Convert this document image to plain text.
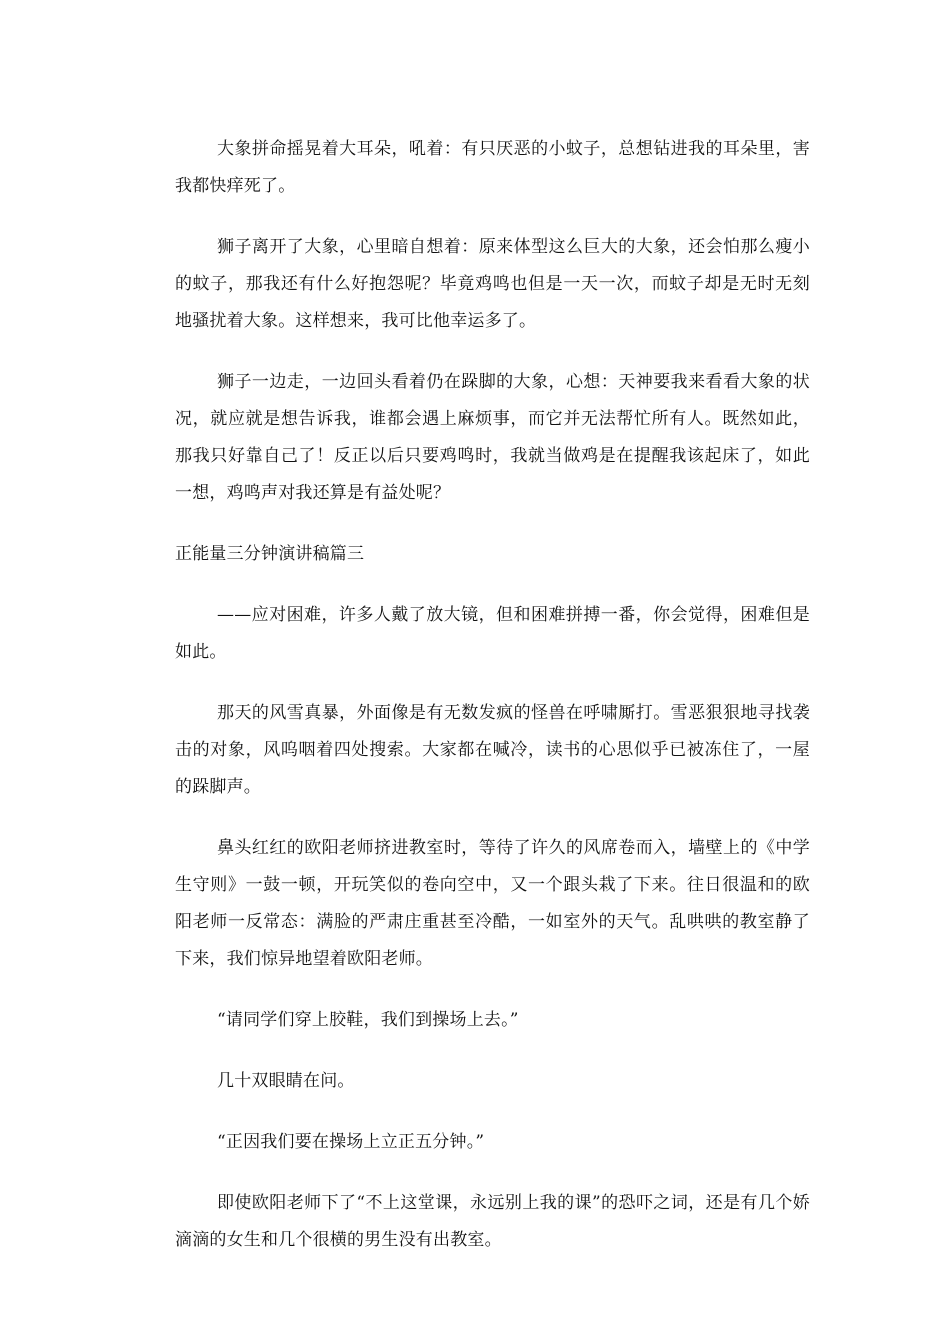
大象拼命摇晃着大耳朵，吼着：有只厌恶的小蚊子，总想钻进我的耳朵里，害我都快痒死了。

狮子离开了大象，心里暗自想着：原来体型这么巨大的大象，还会怕那么瘦小的蚊子，那我还有什么好抱怨呢？毕竟鸡鸣也但是一天一次，而蚊子却是无时无刻地骚扰着大象。这样想来，我可比他幸运多了。

狮子一边走，一边回头看着仍在跺脚的大象，心想：天神要我来看看大象的状况，就应就是想告诉我，谁都会遇上麻烦事，而它并无法帮忙所有人。既然如此，那我只好靠自己了！反正以后只要鸡鸣时，我就当做鸡是在提醒我该起床了，如此一想，鸡鸣声对我还算是有益处呢？

正能量三分钟演讲稿篇三

——应对困难，许多人戴了放大镜，但和困难拼搏一番，你会觉得，困难但是如此。

那天的风雪真暴，外面像是有无数发疯的怪兽在呼啸厮打。雪恶狠狠地寻找袭击的对象，风呜咽着四处搜索。大家都在喊冷，读书的心思似乎已被冻住了，一屋的跺脚声。

鼻头红红的欧阳老师挤进教室时，等待了许久的风席卷而入，墙壁上的《中学生守则》一鼓一顿，开玩笑似的卷向空中，又一个跟头栽了下来。往日很温和的欧阳老师一反常态：满脸的严肃庄重甚至冷酷，一如室外的天气。乱哄哄的教室静了下来，我们惊异地望着欧阳老师。

“请同学们穿上胶鞋，我们到操场上去。”

几十双眼睛在问。

“正因我们要在操场上立正五分钟。”

即使欧阳老师下了“不上这堂课，永远别上我的课”的恐吓之词，还是有几个娇滴滴的女生和几个很横的男生没有出教室。
